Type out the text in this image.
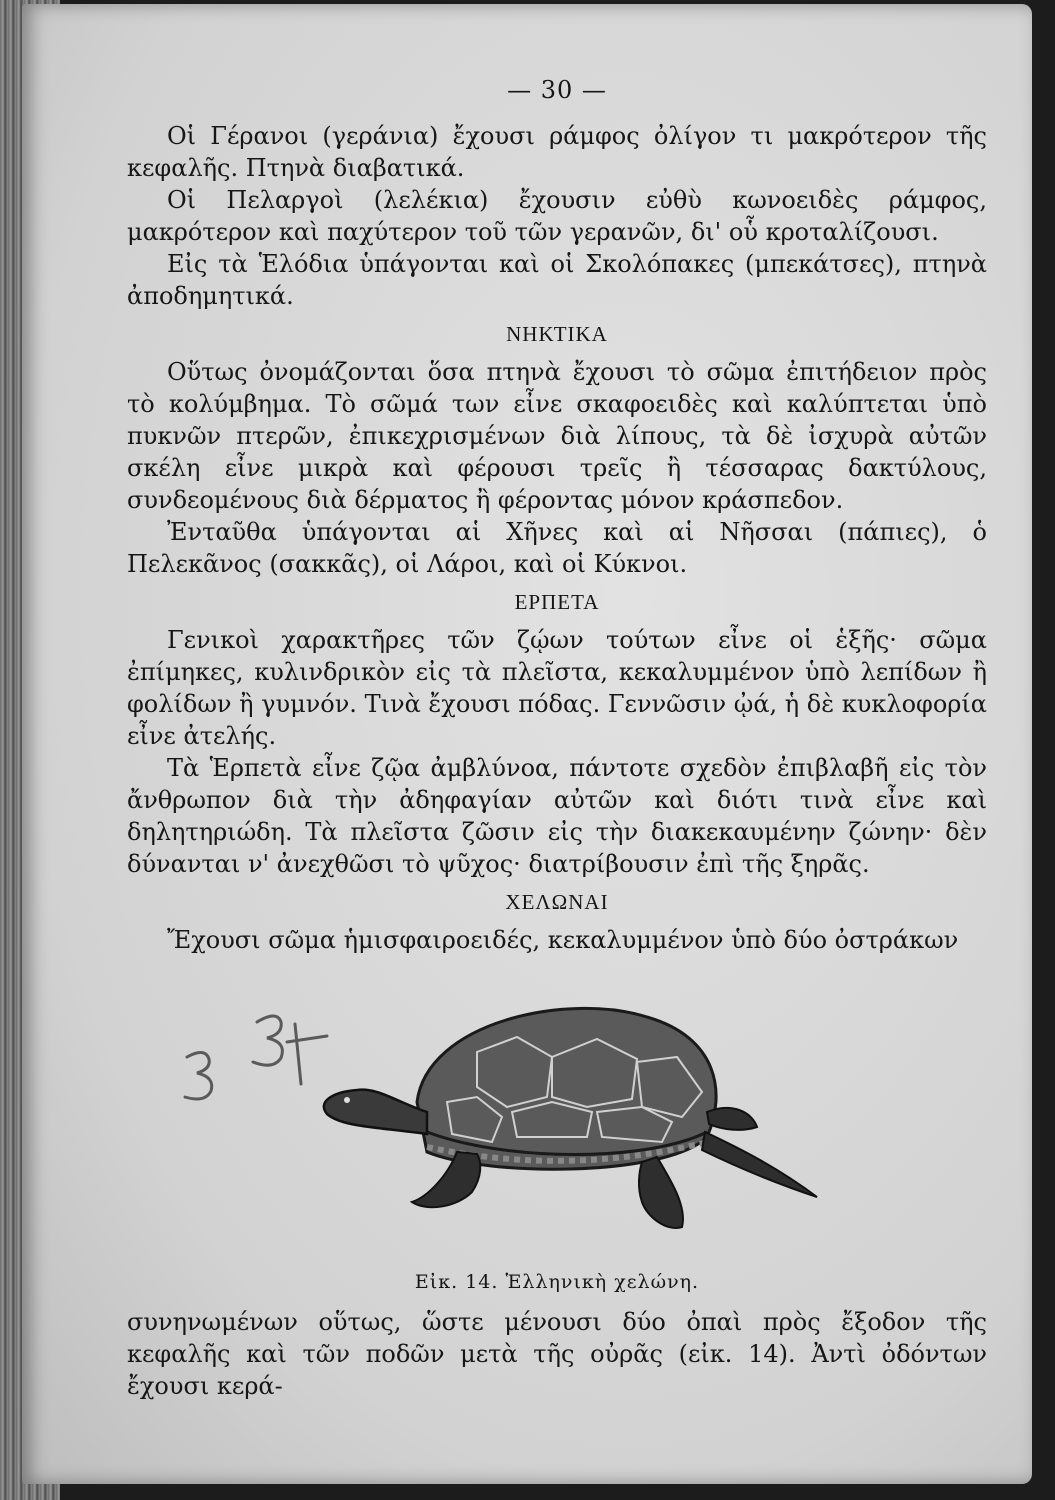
— 30 —

Οἱ Γέρανοι (γεράνια) ἔχουσι ράμφος ὀλίγον τι μακρότερον τῆς κεφαλῆς. Πτηνὰ διαβατικά.

Οἱ Πελαργοὶ (λελέκια) ἔχουσιν εὐθὺ κωνοειδὲς ράμφος, μακρότερον καὶ παχύτερον τοῦ τῶν γερανῶν, δι' οὗ κροταλίζουσι.

Εἰς τὰ Ἑλόδια ὑπάγονται καὶ οἱ Σκολόπακες (μπεκάτσες), πτηνὰ ἀποδημητικά.

ΝΗΚΤΙΚΑ

Οὕτως ὀνομάζονται ὅσα πτηνὰ ἔχουσι τὸ σῶμα ἐπιτήδειον πρὸς τὸ κολύμβημα. Τὸ σῶμά των εἶνε σκαφοειδὲς καὶ καλύπτεται ὑπὸ πυκνῶν πτερῶν, ἐπικεχρισμένων διὰ λίπους, τὰ δὲ ἰσχυρὰ αὐτῶν σκέλη εἶνε μικρὰ καὶ φέρουσι τρεῖς ἢ τέσσαρας δακτύλους, συνδεομένους διὰ δέρματος ἢ φέροντας μόνον κράσπεδον.

Ἐνταῦθα ὑπάγονται αἱ Χῆνες καὶ αἱ Νῆσσαι (πάπιες), ὁ Πελεκᾶνος (σακκᾶς), οἱ Λάροι, καὶ οἱ Κύκνοι.

ΕΡΠΕΤΑ

Γενικοὶ χαρακτῆρες τῶν ζῴων τούτων εἶνε οἱ ἑξῆς· σῶμα ἐπίμηκες, κυλινδρικὸν εἰς τὰ πλεῖστα, κεκαλυμμένον ὑπὸ λεπίδων ἢ φολίδων ἢ γυμνόν. Τινὰ ἔχουσι πόδας. Γεννῶσιν ᾠά, ἡ δὲ κυκλοφορία εἶνε ἀτελής.

Τὰ Ἑρπετὰ εἶνε ζῷα ἀμβλύνοα, πάντοτε σχεδὸν ἐπιβλαβῆ εἰς τὸν ἄνθρωπον διὰ τὴν ἀδηφαγίαν αὐτῶν καὶ διότι τινὰ εἶνε καὶ δηλητηριώδη. Τὰ πλεῖστα ζῶσιν εἰς τὴν διακεκαυμένην ζώνην· δὲν δύνανται ν' ἀνεχθῶσι τὸ ψῦχος· διατρίβουσιν ἐπὶ τῆς ξηρᾶς.

ΧΕΛΩΝΑΙ

Ἔχουσι σῶμα ἡμισφαιροειδές, κεκαλυμμένον ὑπὸ δύο ὀστράκων

Εἰκ. 14. Ἑλληνικὴ χελώνη.

συνηνωμένων οὕτως, ὥστε μένουσι δύο ὀπαὶ πρὸς ἔξοδον τῆς κεφαλῆς καὶ τῶν ποδῶν μετὰ τῆς οὐρᾶς (εἰκ. 14). Ἀντὶ ὀδόντων ἔχουσι κερά-
